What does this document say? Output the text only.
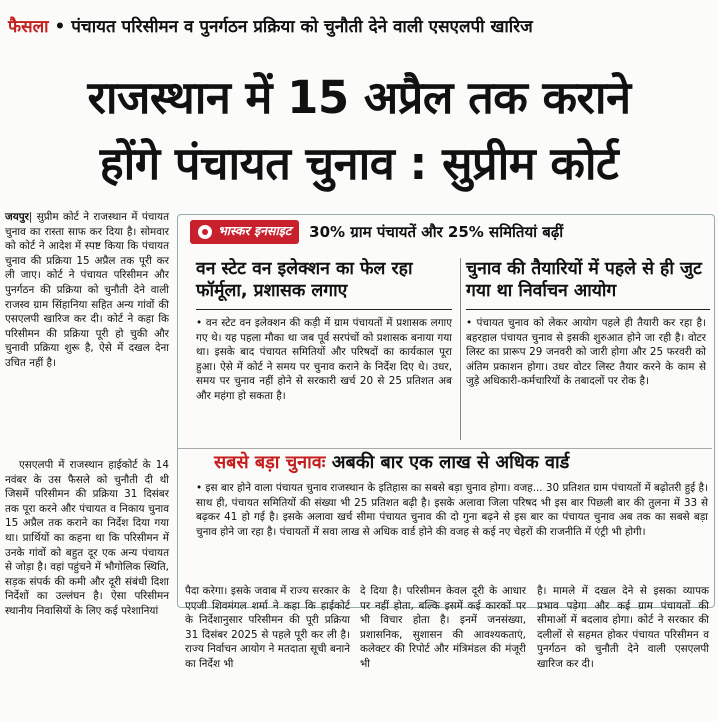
फैसला • पंचायत परिसीमन व पुनर्गठन प्रक्रिया को चुनौती देने वाली एसएलपी खारिज
राजस्थान में 15 अप्रैल तक कराने
होंगे पंचायत चुनाव : सुप्रीम कोर्ट
जयपुर| सुप्रीम कोर्ट ने राजस्थान में पंचायत चुनाव का रास्ता साफ कर दिया है। सोमवार को कोर्ट ने आदेश में स्पष्ट किया कि पंचायत चुनाव की प्रक्रिया 15 अप्रैल तक पूरी कर ली जाए। कोर्ट ने पंचायत परिसीमन और पुनर्गठन की प्रक्रिया को चुनौती देने वाली राजस्व ग्राम सिंहानिया सहित अन्य गांवों की एसएलपी खारिज कर दी। कोर्ट ने कहा कि परिसीमन की प्रक्रिया पूरी हो चुकी और चुनावी प्रक्रिया शुरू है, ऐसे में दखल देना उचित नहीं है।
एसएलपी में राजस्थान हाईकोर्ट के 14 नवंबर के उस फैसले को चुनौती दी थी जिसमें परिसीमन की प्रक्रिया 31 दिसंबर तक पूरा करने और पंचायत व निकाय चुनाव 15 अप्रैल तक कराने का निर्देश दिया गया था। प्रार्थियों का कहना था कि परिसीमन में उनके गांवों को बहुत दूर एक अन्य पंचायत से जोड़ा है। वहां पहुंचने में भौगोलिक स्थिति, सड़क संपर्क की कमी और दूरी संबंधी दिशा निर्देशों का उल्लंघन है। ऐसा परिसीमन स्थानीय निवासियों के लिए कई परेशानियां
भास्कर इनसाइट	30% ग्राम पंचायतें और 25% समितियां बढ़ीं
वन स्टेट वन इलेक्शन का फेल रहा फॉर्मूला, प्रशासक लगाए
• वन स्टेट वन इलेक्शन की कड़ी में ग्राम पंचायतों में प्रशासक लगाए गए थे। यह पहला मौका था जब पूर्व सरपंचों को प्रशासक बनाया गया था। इसके बाद पंचायत समितियों और परिषदों का कार्यकाल पूरा हुआ। ऐसे में कोर्ट ने समय पर चुनाव कराने के निर्देश दिए थे। उधर, समय पर चुनाव नहीं होने से सरकारी खर्च 20 से 25 प्रतिशत अब और महंगा हो सकता है।
चुनाव की तैयारियों में पहले से ही जुट गया था निर्वाचन आयोग
• पंचायत चुनाव को लेकर आयोग पहले ही तैयारी कर रहा है। बहरहाल पंचायत चुनाव से इसकी शुरुआत होने जा रही है। वोटर लिस्ट का प्रारूप 29 जनवरी को जारी होगा और 25 फरवरी को अंतिम प्रकाशन होगा। उधर वोटर लिस्ट तैयार करने के काम से जुड़े अधिकारी-कर्मचारियों के तबादलों पर रोक है।
सबसे बड़ा चुनावः अबकी बार एक लाख से अधिक वार्ड
• इस बार होने वाला पंचायत चुनाव राजस्थान के इतिहास का सबसे बड़ा चुनाव होगा। वजह... 30 प्रतिशत ग्राम पंचायतों में बढ़ोतरी हुई है। साथ ही, पंचायत समितियों की संख्या भी 25 प्रतिशत बढ़ी है। इसके अलावा जिला परिषद भी इस बार पिछली बार की तुलना में 33 से बढ़कर 41 हो गई है। इसके अलावा खर्च सीमा पंचायत चुनाव की दो गुना बढ़ने से इस बार का पंचायत चुनाव अब तक का सबसे बड़ा चुनाव होने जा रहा है। पंचायतों में सवा लाख से अधिक वार्ड होने की वजह से कई नए चेहरों की राजनीति में एंट्री भी होगी।
पैदा करेगा। इसके जवाब में राज्य सरकार के एएजी शिवमंगल शर्मा ने कहा कि हाईकोर्ट के निर्देशानुसार परिसीमन की पूरी प्रक्रिया 31 दिसंबर 2025 से पहले पूरी कर ली है। राज्य निर्वाचन आयोग ने मतदाता सूची बनाने का निर्देश भी
दे दिया है। परिसीमन केवल दूरी के आधार पर नहीं होता, बल्कि इसमें कई कारकों पर भी विचार होता है। इनमें जनसंख्या, प्रशासनिक, सुशासन की आवश्यकताएं, कलेक्टर की रिपोर्ट और मंत्रिमंडल की मंजूरी भी
है। मामले में दखल देने से इसका व्यापक प्रभाव पड़ेगा और कई ग्राम पंचायतों की सीमाओं में बदलाव होगा। कोर्ट ने सरकार की दलीलों से सहमत होकर पंचायत परिसीमन व पुनर्गठन को चुनौती देने वाली एसएलपी खारिज कर दी।
